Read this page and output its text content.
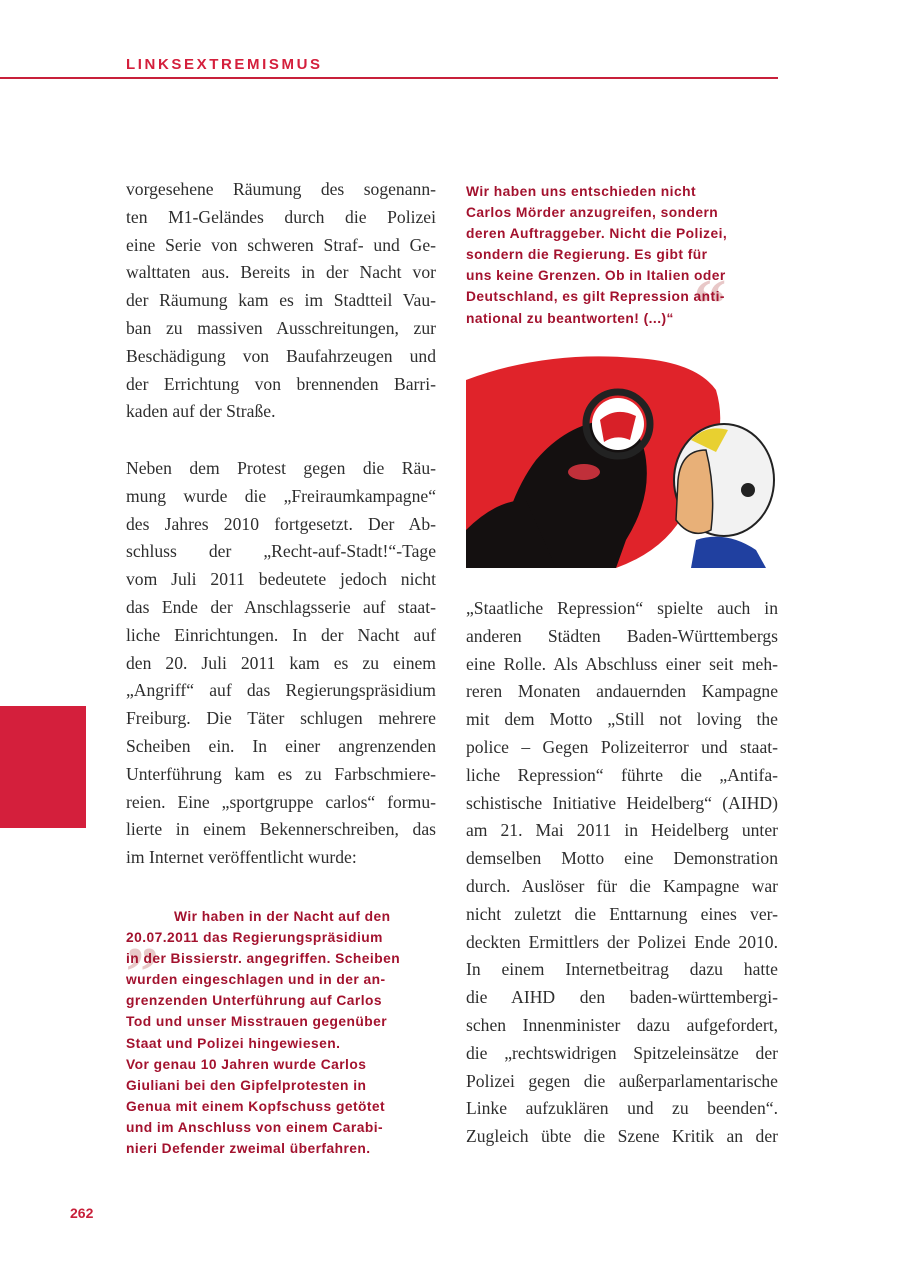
LINKSEXTREMISMUS
vorgesehene Räumung des sogenann-
ten M1-Geländes durch die Polizei
eine Serie von schweren Straf- und Ge-
walttaten aus. Bereits in der Nacht vor
der Räumung kam es im Stadtteil Vau-
ban zu massiven Ausschreitungen, zur
Beschädigung von Baufahrzeugen und
der Errichtung von brennenden Barri-
kaden auf der Straße.
Neben dem Protest gegen die Räu-
mung wurde die „Freiraumkampagne“
des Jahres 2010 fortgesetzt. Der Ab-
schluss der „Recht-auf-Stadt!“-Tage
vom Juli 2011 bedeutete jedoch nicht
das Ende der Anschlagsserie auf staat-
liche Einrichtungen. In der Nacht auf
den 20. Juli 2011 kam es zu einem
„Angriff“ auf das Regierungspräsidium
Freiburg. Die Täter schlugen mehrere
Scheiben ein. In einer angrenzenden
Unterführung kam es zu Farbschmiere-
reien. Eine „sportgruppe carlos“ formu-
lierte in einem Bekennerschreiben, das
im Internet veröffentlicht wurde:
„ Wir haben in der Nacht auf den
20.07.2011 das Regierungspräsidium
in der Bissierstr. angegriffen. Scheiben
wurden eingeschlagen und in der an-
grenzenden Unterführung auf Carlos
Tod und unser Misstrauen gegenüber
Staat und Polizei hingewiesen.
Vor genau 10 Jahren wurde Carlos
Giuliani bei den Gipfelprotesten in
Genua mit einem Kopfschuss getötet
und im Anschluss von einem Carabi-
nieri Defender zweimal überfahren.
“
Wir haben uns entschieden nicht
Carlos Mörder anzugreifen, sondern
deren Auftraggeber. Nicht die Polizei,
sondern die Regierung. Es gibt für
uns keine Grenzen. Ob in Italien oder
Deutschland, es gilt Repression anti-
national zu beantworten! (...)“
„Staatliche Repression“ spielte auch in
anderen Städten Baden-Württembergs
eine Rolle. Als Abschluss einer seit meh-
reren Monaten andauernden Kampagne
mit dem Motto „Still not loving the
police – Gegen Polizeiterror und staat-
liche Repression“ führte die „Antifa-
schistische Initiative Heidelberg“ (AIHD)
am 21. Mai 2011 in Heidelberg unter
demselben Motto eine Demonstration
durch. Auslöser für die Kampagne war
nicht zuletzt die Enttarnung eines ver-
deckten Ermittlers der Polizei Ende 2010.
In einem Internetbeitrag dazu hatte
die AIHD den baden-württembergi-
schen Innenminister dazu aufgefordert,
die „rechtswidrigen Spitzeleinsätze der
Polizei gegen die außerparlamentarische
Linke aufzuklären und zu beenden“.
Zugleich übte die Szene Kritik an der
262
